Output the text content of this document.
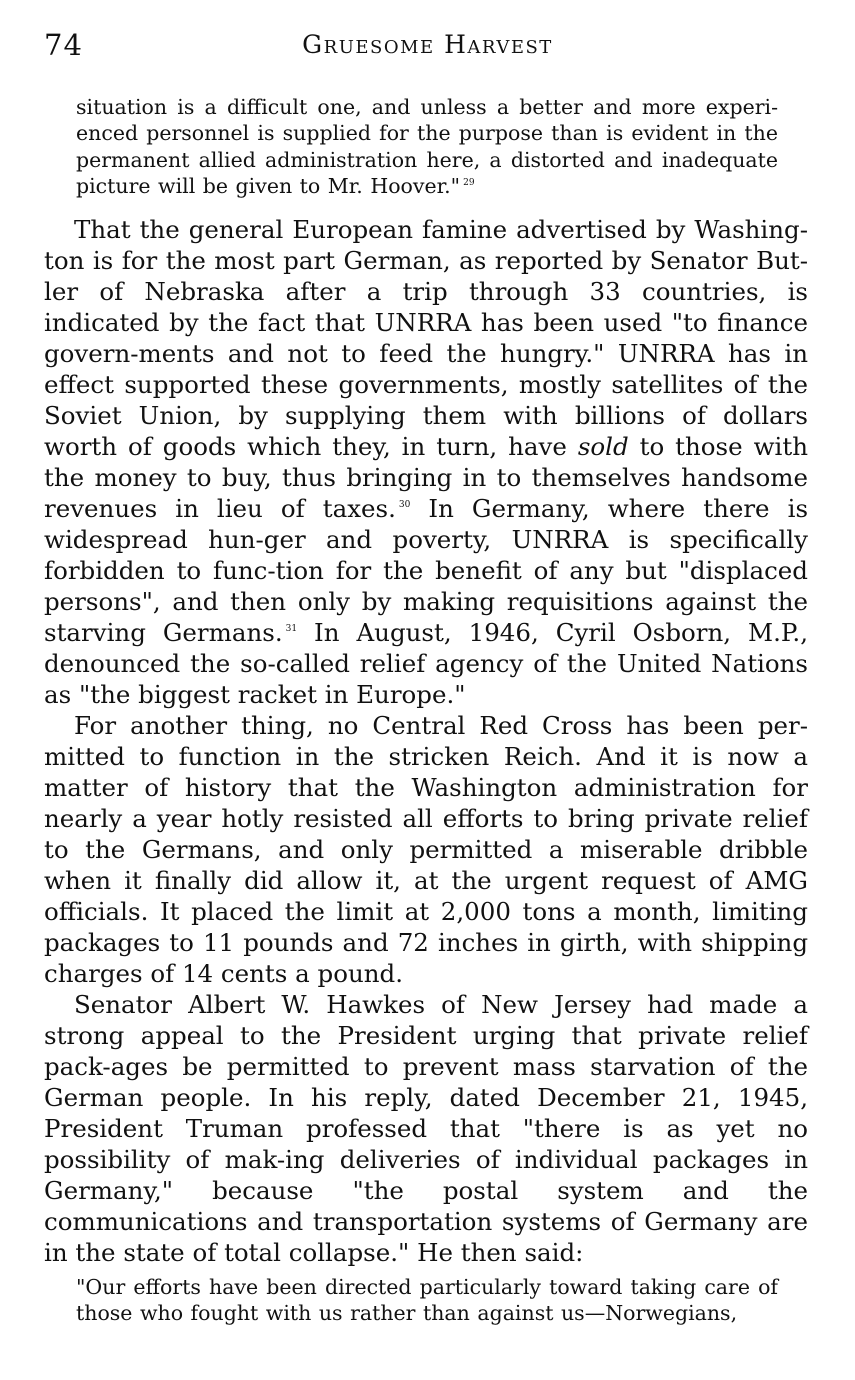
74	Gruesome Harvest

situation is a difficult one, and unless a better and more experi-enced personnel is supplied for the purpose than is evident in the permanent allied administration here, a distorted and inadequate picture will be given to Mr. Hoover." $^{29}$

That the general European famine advertised by Washing-ton is for the most part German, as reported by Senator But-ler of Nebraska after a trip through 33 countries, is indicated by the fact that UNRRA has been used "to finance govern-ments and not to feed the hungry." UNRRA has in effect supported these governments, mostly satellites of the Soviet Union, by supplying them with billions of dollars worth of goods which they, in turn, have sold to those with the money to buy, thus bringing in to themselves handsome revenues in lieu of taxes. $^{30}$ In Germany, where there is widespread hun-ger and poverty, UNRRA is specifically forbidden to func-tion for the benefit of any but "displaced persons", and then only by making requisitions against the starving Germans. $^{31}$ In August, 1946, Cyril Osborn, M.P., denounced the so-called relief agency of the United Nations as "the biggest racket in Europe."

For another thing, no Central Red Cross has been per-mitted to function in the stricken Reich. And it is now a matter of history that the Washington administration for nearly a year hotly resisted all efforts to bring private relief to the Germans, and only permitted a miserable dribble when it finally did allow it, at the urgent request of AMG officials. It placed the limit at 2,000 tons a month, limiting packages to 11 pounds and 72 inches in girth, with shipping charges of 14 cents a pound.

Senator Albert W. Hawkes of New Jersey had made a strong appeal to the President urging that private relief pack-ages be permitted to prevent mass starvation of the German people. In his reply, dated December 21, 1945, President Truman professed that "there is as yet no possibility of mak-ing deliveries of individual packages in Germany," because "the postal system and the communications and transportation systems of Germany are in the state of total collapse." He then said:

"Our efforts have been directed particularly toward taking care of those who fought with us rather than against us—Norwegians,
